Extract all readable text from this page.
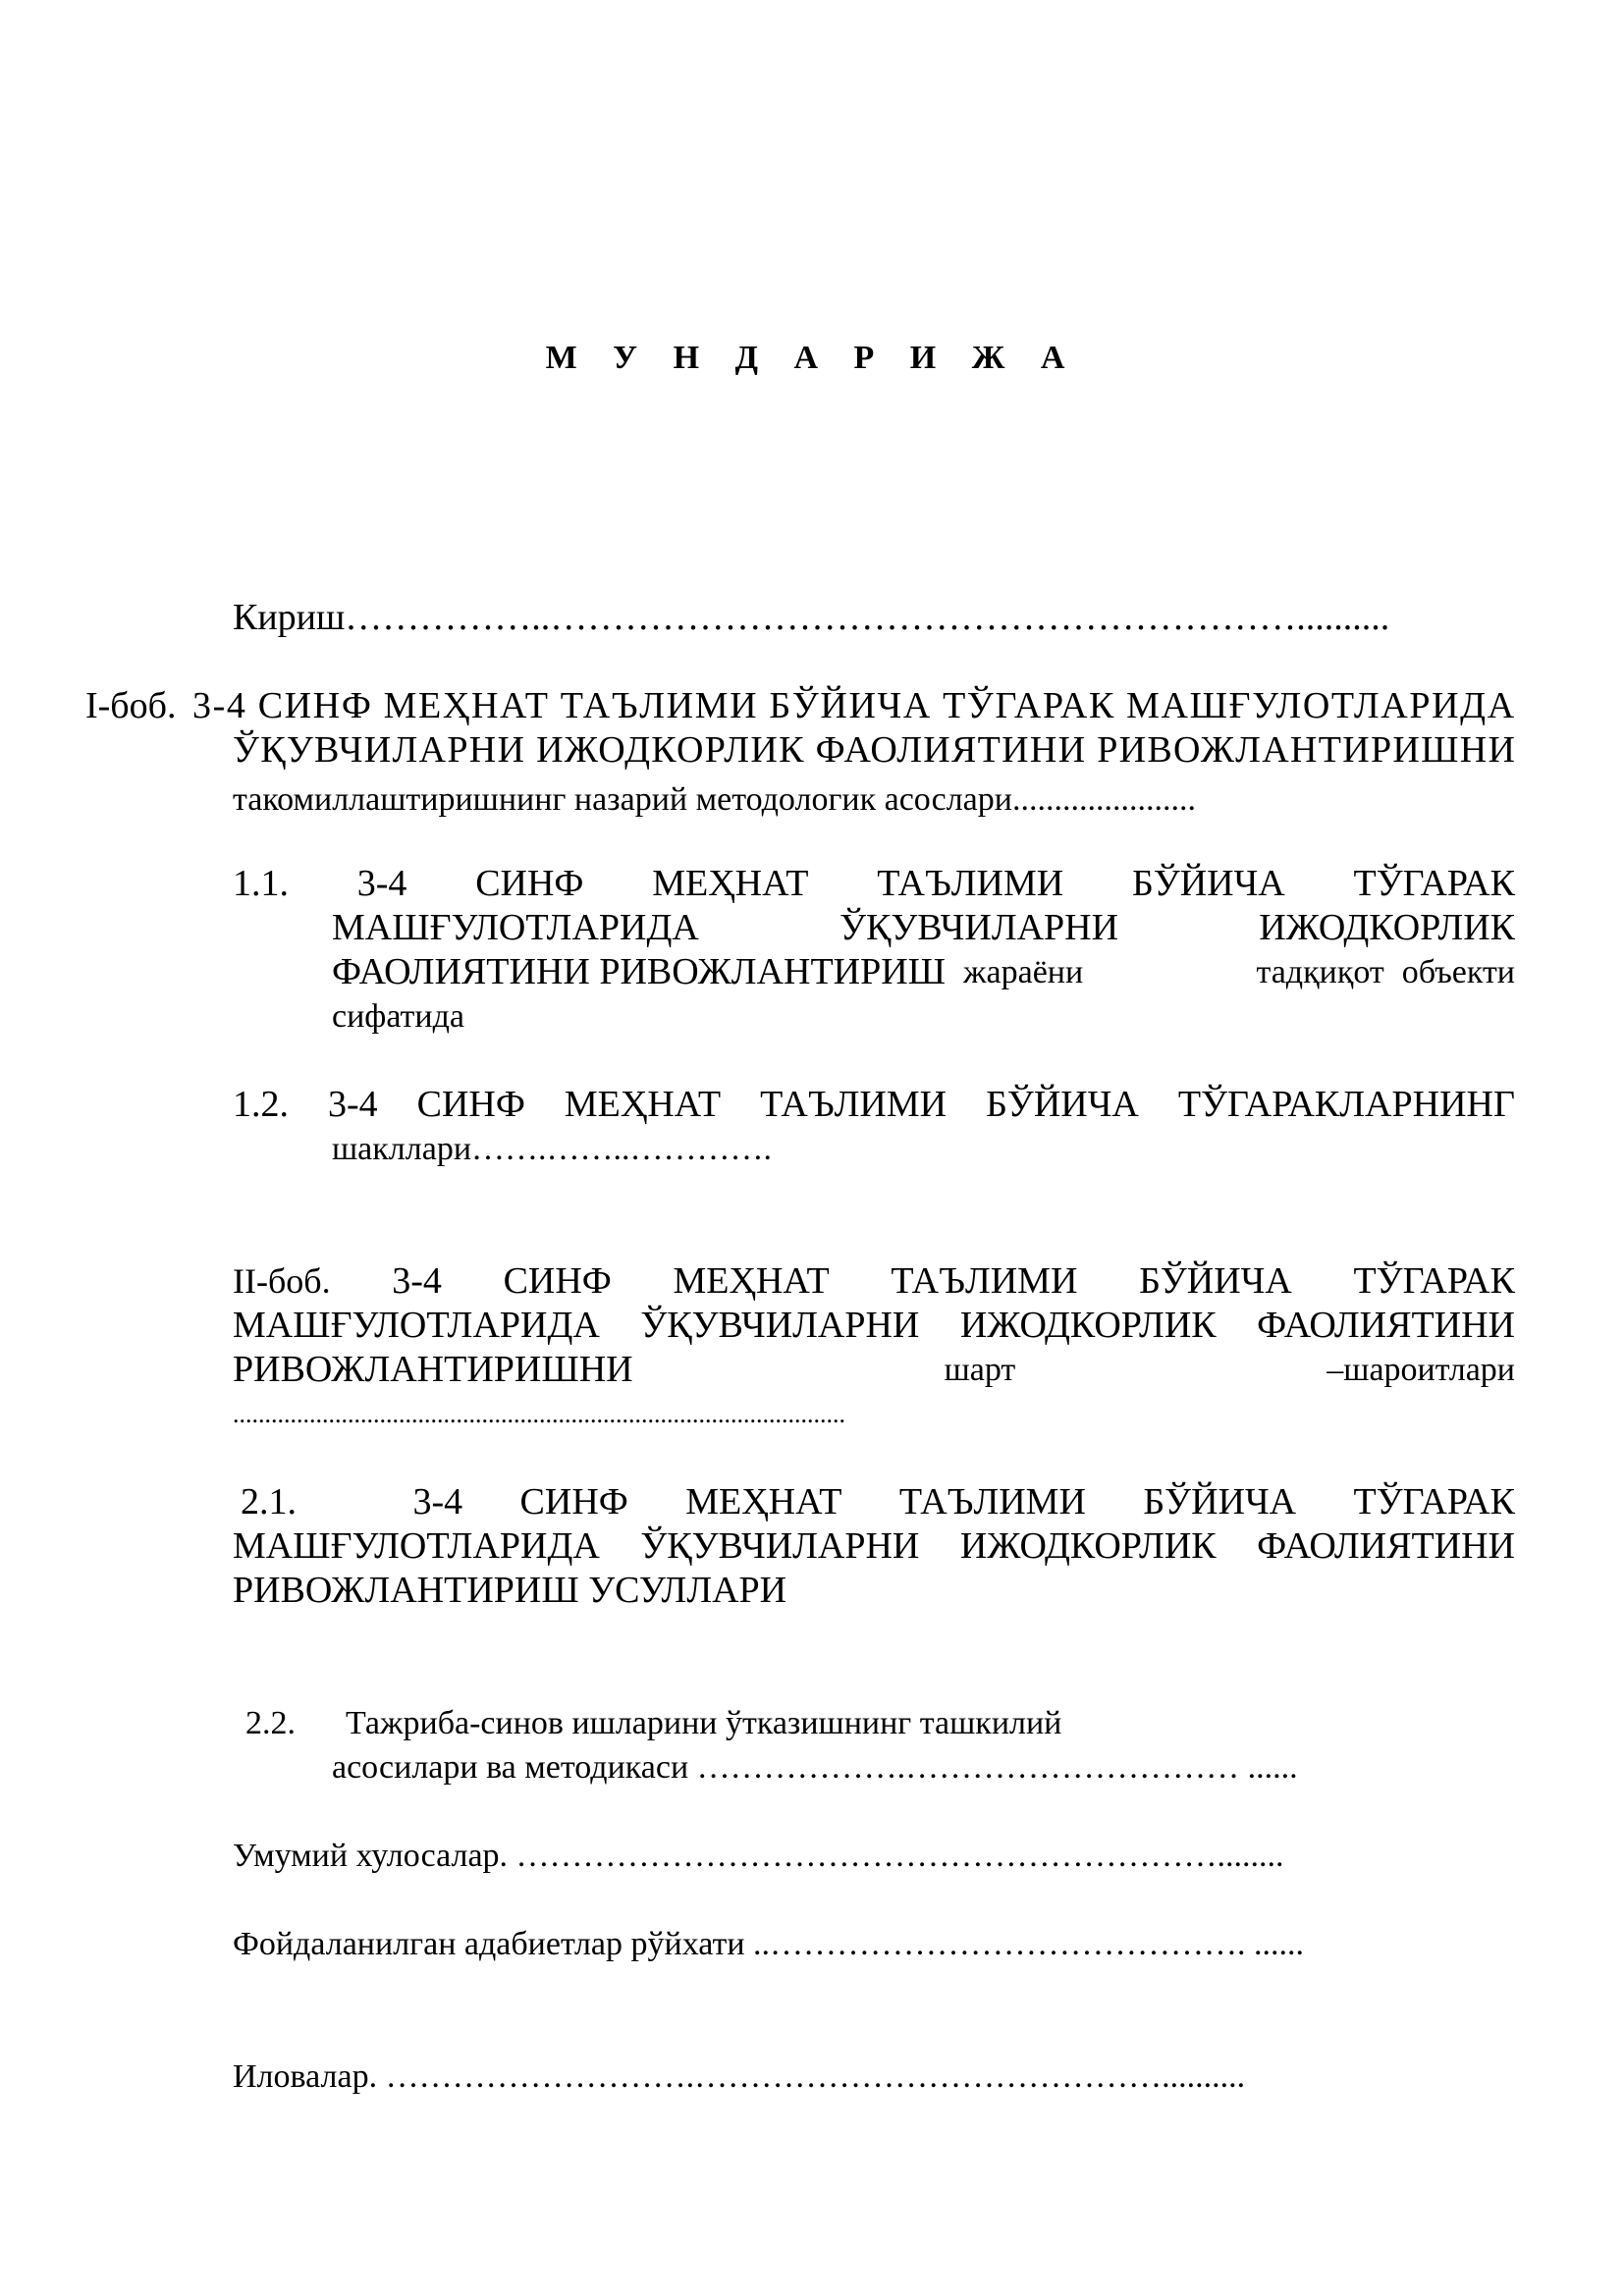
М У Н Д А Р И Ж А
Кириш……………..……………………………………………………..........
I-боб. 3-4 СИНФ МЕҲНАТ ТАЪЛИМИ БЎЙИЧА ТЎГАРАК МАШҒУЛОТЛАРИДА
ЎҚУВЧИЛАРНИ ИЖОДКОРЛИК ФАОЛИЯТИНИ РИВОЖЛАНТИРИШНИ
такомиллаштиришнинг назарий методологик асослари......................
1.1. 3-4 СИНФ МЕҲНАТ ТАЪЛИМИ БЎЙИЧА ТЎГАРАК
МАШҒУЛОТЛАРИДА	ЎҚУВЧИЛАРНИ	ИЖОДКОРЛИК
ФАОЛИЯТИНИ РИВОЖЛАНТИРИШ жараёни	тадқиқот объекти
сифатида
1.2. 3-4 СИНФ МЕҲНАТ ТАЪЛИМИ БЎЙИЧА ТЎГАРАКЛАРНИНГ
шакллари…….……..………….
II-боб. 3-4 СИНФ МЕҲНАТ ТАЪЛИМИ БЎЙИЧА ТЎГАРАК
МАШҒУЛОТЛАРИДА ЎҚУВЧИЛАРНИ ИЖОДКОРЛИК ФАОЛИЯТИНИ
РИВОЖЛАНТИРИШНИ	шарт	–шароитлари
................................................................................................
2.1.	3-4 СИНФ МЕҲНАТ ТАЪЛИМИ БЎЙИЧА ТЎГАРАК
МАШҒУЛОТЛАРИДА ЎҚУВЧИЛАРНИ ИЖОДКОРЛИК ФАОЛИЯТИНИ
РИВОЖЛАНТИРИШ УСУЛЛАРИ
2.2. Тажриба-синов ишларини ўтказишнинг ташкилий
асосилари ва методикаси ……………….………………………… ......
Умумий хулосалар. ………………………………………………………........
Фойдаланилган адабиетлар рўйхати ..……………………………………. ......
Иловалар. ……………………….……………………………………..........
